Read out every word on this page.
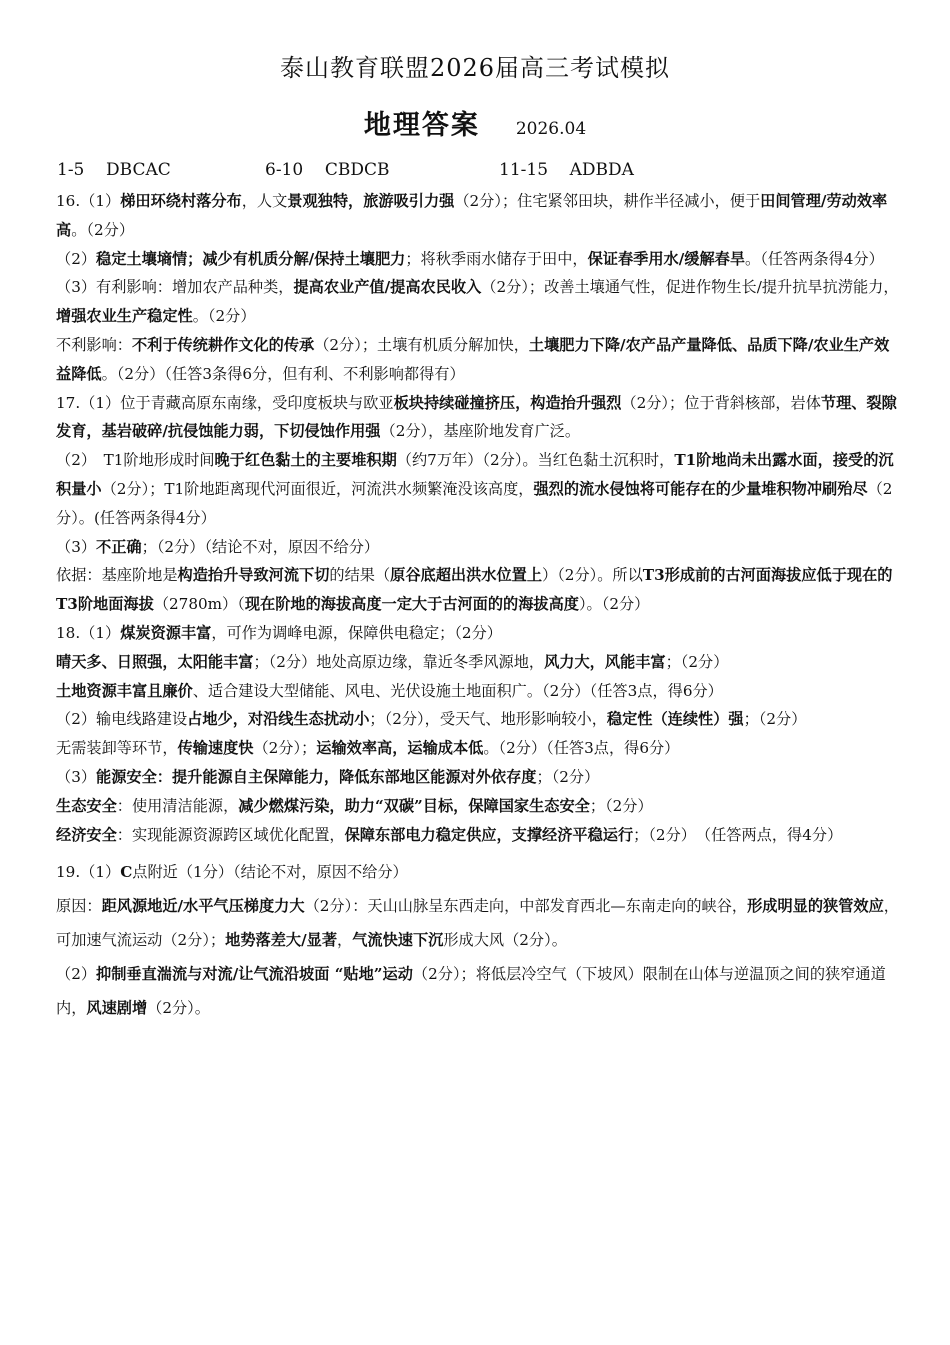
泰山教育联盟2026届高三考试模拟
地理答案 2026.04
1-5 DBCAC	6-10 CBDCB	11-15 ADBDA
16.（1）梯田环绕村落分布，人文景观独特，旅游吸引力强（2分）；住宅紧邻田块，耕作半径减小，便于田间管理/劳动效率高。（2分）
（2）稳定土壤墒情；减少有机质分解/保持土壤肥力；将秋季雨水储存于田中，保证春季用水/缓解春旱。（任答两条得4分）
（3）有利影响：增加农产品种类，提高农业产值/提高农民收入（2分）；改善土壤通气性，促进作物生长/提升抗旱抗涝能力，增强农业生产稳定性。（2分）
不利影响：不利于传统耕作文化的传承（2分）；土壤有机质分解加快，土壤肥力下降/农产品产量降低、品质下降/农业生产效益降低。（2分）（任答3条得6分，但有利、不利影响都得有）
17.（1）位于青藏高原东南缘，受印度板块与欧亚板块持续碰撞挤压，构造抬升强烈（2分）；位于背斜核部，岩体节理、裂隙发育，基岩破碎/抗侵蚀能力弱，下切侵蚀作用强（2分），基座阶地发育广泛。
（2）　T1阶地形成时间晚于红色黏土的主要堆积期（约7万年）（2分）。当红色黏土沉积时，T1阶地尚未出露水面，接受的沉积量小（2分）；T1阶地距离现代河面很近，河流洪水频繁淹没该高度，强烈的流水侵蚀将可能存在的少量堆积物冲刷殆尽（2分）。(任答两条得4分）
（3）不正确；（2分）（结论不对，原因不给分）
依据：基座阶地是构造抬升导致河流下切的结果（原谷底超出洪水位置上）（2分）。所以T3形成前的古河面海拔应低于现在的T3阶地面海拔（2780m）（现在阶地的海拔高度一定大于古河面的的海拔高度）。（2分）
18.（1）煤炭资源丰富，可作为调峰电源，保障供电稳定；（2分）
晴天多、日照强，太阳能丰富；（2分）地处高原边缘，靠近冬季风源地，风力大，风能丰富；（2分）
土地资源丰富且廉价、适合建设大型储能、风电、光伏设施土地面积广。（2分）（任答3点，得6分）
（2）输电线路建设占地少，对沿线生态扰动小；（2分），受天气、地形影响较小，稳定性（连续性）强；（2分）
无需装卸等环节，传输速度快（2分）；运输效率高，运输成本低。（2分）（任答3点，得6分）
（3）能源安全：提升能源自主保障能力，降低东部地区能源对外依存度；（2分）
生态安全：使用清洁能源，减少燃煤污染，助力“双碳”目标，保障国家生态安全；（2分）
经济安全：实现能源资源跨区域优化配置，保障东部电力稳定供应，支撑经济平稳运行；（2分）　（任答两点，得4分）
19.（1）C点附近（1分）（结论不对，原因不给分）
原因：距风源地近/水平气压梯度力大（2分）：天山山脉呈东西走向，中部发育西北—东南走向的峡谷，形成明显的狭管效应，可加速气流运动（2分）；地势落差大/显著，气流快速下沉形成大风（2分）。
（2）抑制垂直湍流与对流/让气流沿坡面 “贴地”运动（2分）；将低层冷空气（下坡风）限制在山体与逆温顶之间的狭窄通道内，风速剧增（2分）。
